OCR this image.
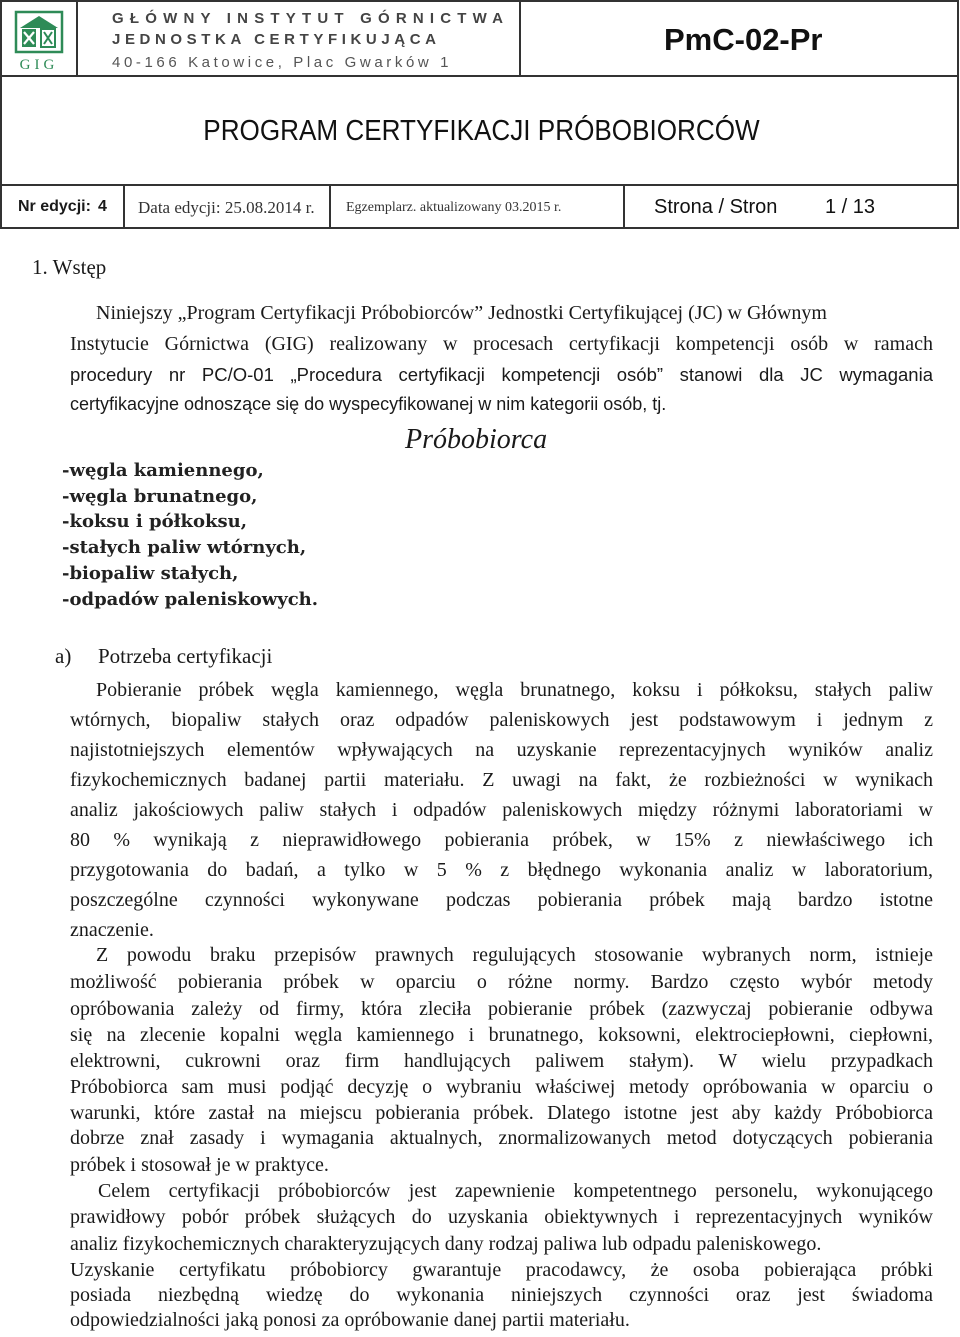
GIG
GŁÓWNY INSTYTUT GÓRNICTWA
JEDNOSTKA CERTYFIKUJĄCA
40-166 Katowice, Plac Gwarków 1
PmC-02-Pr
PROGRAM CERTYFIKACJI PRÓBOBIORCÓW
Nr edycji: 4 Data edycji: 25.08.2014 r. Egzemplarz. aktualizowany 03.2015 r.	Strona / Stron 1 / 13
1. Wstęp
Niniejszy „Program Certyfikacji Próbobiorców” Jednostki Certyfikującej (JC) w Głównym
Instytucie Górnictwa (GIG) realizowany w procesach certyfikacji kompetencji osób w ramach
procedury nr PC/O-01 „Procedura certyfikacji kompetencji osób” stanowi dla JC wymagania
certyfikacyjne odnoszące się do wyspecyfikowanej w nim kategorii osób, tj.
Próbobiorca
-węgla kamiennego,
-węgla brunatnego,
-koksu i półkoksu,
-stałych paliw wtórnych,
-biopaliw stałych,
-odpadów paleniskowych.
a) Potrzeba certyfikacji
Pobieranie próbek węgla kamiennego, węgla brunatnego, koksu i półkoksu, stałych paliw
wtórnych, biopaliw stałych oraz odpadów paleniskowych jest podstawowym i jednym z
najistotniejszych elementów wpływających na uzyskanie reprezentacyjnych wyników analiz
fizykochemicznych badanej partii materiału. Z uwagi na fakt, że rozbieżności w wynikach
analiz jakościowych paliw stałych i odpadów paleniskowych między różnymi laboratoriami w
80 % wynikają z nieprawidłowego pobierania próbek, w 15% z niewłaściwego ich
przygotowania do badań, a tylko w 5 % z błędnego wykonania analiz w laboratorium,
poszczególne czynności wykonywane podczas pobierania próbek mają bardzo istotne
znaczenie.
Z powodu braku przepisów prawnych regulujących stosowanie wybranych norm, istnieje
możliwość pobierania próbek w oparciu o różne normy. Bardzo często wybór metody
opróbowania zależy od firmy, która zleciła pobieranie próbek (zazwyczaj pobieranie odbywa
się na zlecenie kopalni węgla kamiennego i brunatnego, koksowni, elektrociepłowni, ciepłowni,
elektrowni, cukrowni oraz firm handlujących paliwem stałym). W wielu przypadkach
Próbobiorca sam musi podjąć decyzję o wybraniu właściwej metody opróbowania w oparciu o
warunki, które zastał na miejscu pobierania próbek. Dlatego istotne jest aby każdy Próbobiorca
dobrze znał zasady i wymagania aktualnych, znormalizowanych metod dotyczących pobierania
próbek i stosował je w praktyce.
Celem certyfikacji próbobiorców jest zapewnienie kompetentnego personelu, wykonującego
prawidłowy pobór próbek służących do uzyskania obiektywnych i reprezentacyjnych wyników
analiz fizykochemicznych charakteryzujących dany rodzaj paliwa lub odpadu paleniskowego.
Uzyskanie certyfikatu próbobiorcy gwarantuje pracodawcy, że osoba pobierająca próbki
posiada niezbędną wiedzę do wykonania niniejszych czynności oraz jest świadoma
odpowiedzialności jaką ponosi za opróbowanie danej partii materiału.
